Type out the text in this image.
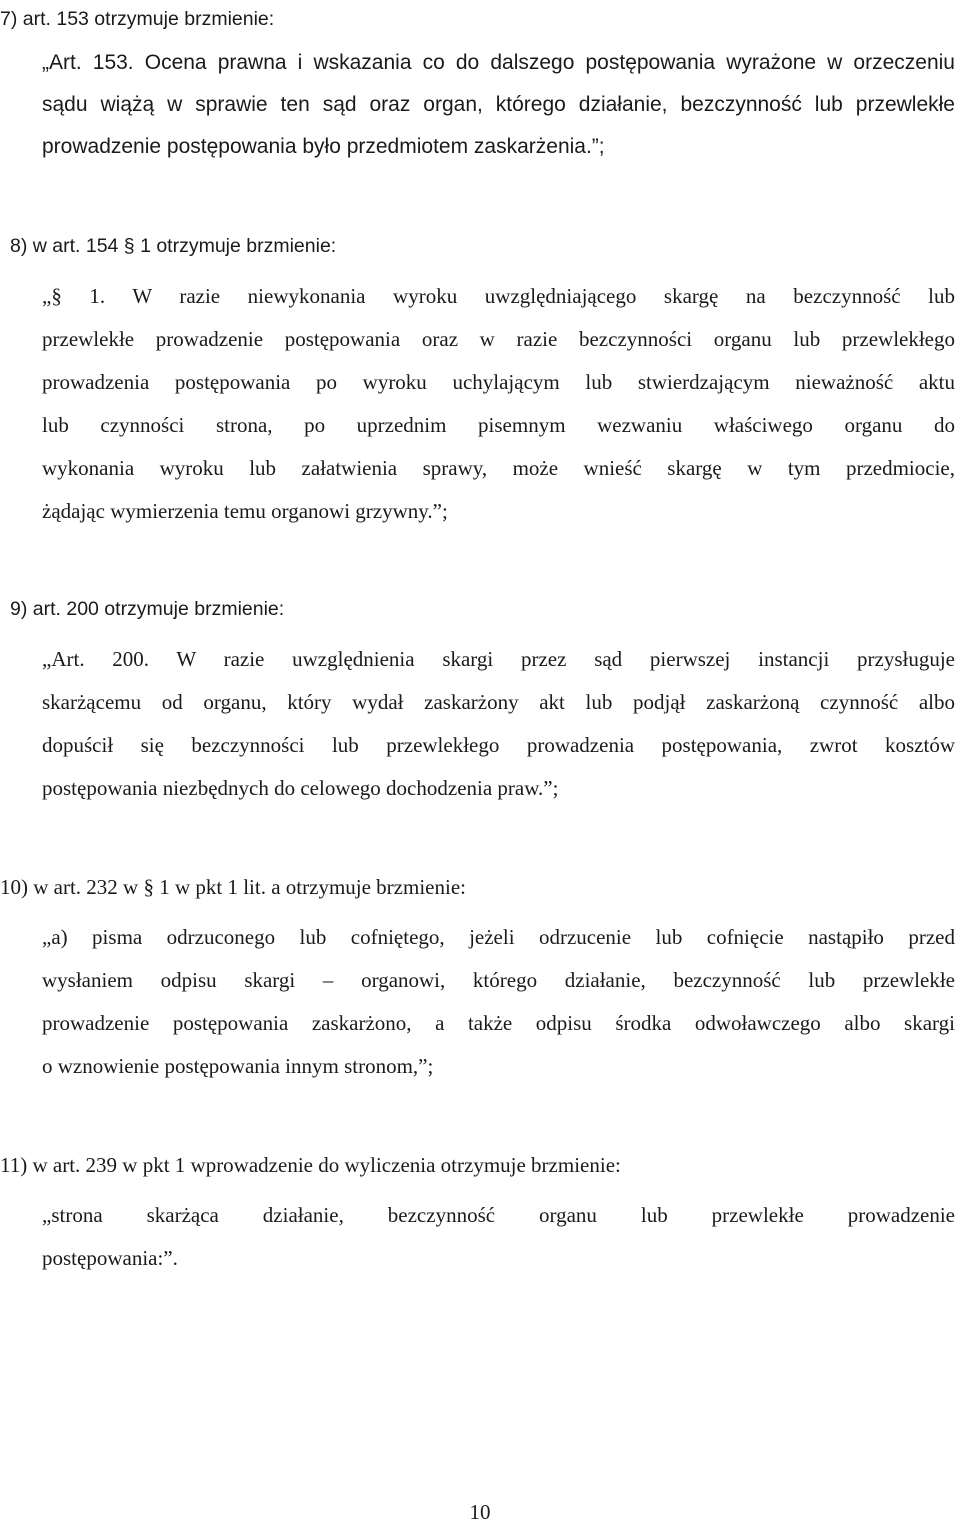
7) art. 153 otrzymuje brzmienie:
„Art. 153. Ocena prawna i wskazania co do dalszego postępowania wyrażone w orzeczeniu
sądu wiążą w sprawie ten sąd oraz organ, którego działanie, bezczynność lub przewlekłe
prowadzenie postępowania było przedmiotem zaskarżenia.”;
8) w art. 154 § 1 otrzymuje brzmienie:
„§ 1. W razie niewykonania wyroku uwzględniającego skargę na bezczynność lub
przewlekłe prowadzenie postępowania oraz w razie bezczynności organu lub przewlekłego
prowadzenia postępowania po wyroku uchylającym lub stwierdzającym nieważność aktu
lub czynności strona, po uprzednim pisemnym wezwaniu właściwego organu do
wykonania wyroku lub załatwienia sprawy, może wnieść skargę w tym przedmiocie,
żądając wymierzenia temu organowi grzywny.”;
9) art. 200 otrzymuje brzmienie:
„Art. 200. W razie uwzględnienia skargi przez sąd pierwszej instancji przysługuje
skarżącemu od organu, który wydał zaskarżony akt lub podjął zaskarżoną czynność albo
dopuścił się bezczynności lub przewlekłego prowadzenia postępowania, zwrot kosztów
postępowania niezbędnych do celowego dochodzenia praw.”;
10) w art. 232 w § 1 w pkt 1 lit. a otrzymuje brzmienie:
„a) pisma odrzuconego lub cofniętego, jeżeli odrzucenie lub cofnięcie nastąpiło przed
wysłaniem odpisu skargi – organowi, którego działanie, bezczynność lub przewlekłe
prowadzenie postępowania zaskarżono, a także odpisu środka odwoławczego albo skargi
o wznowienie postępowania innym stronom,”;
11) w art. 239 w pkt 1 wprowadzenie do wyliczenia otrzymuje brzmienie:
„strona skarżąca działanie, bezczynność organu lub przewlekłe prowadzenie
postępowania:”.
10
